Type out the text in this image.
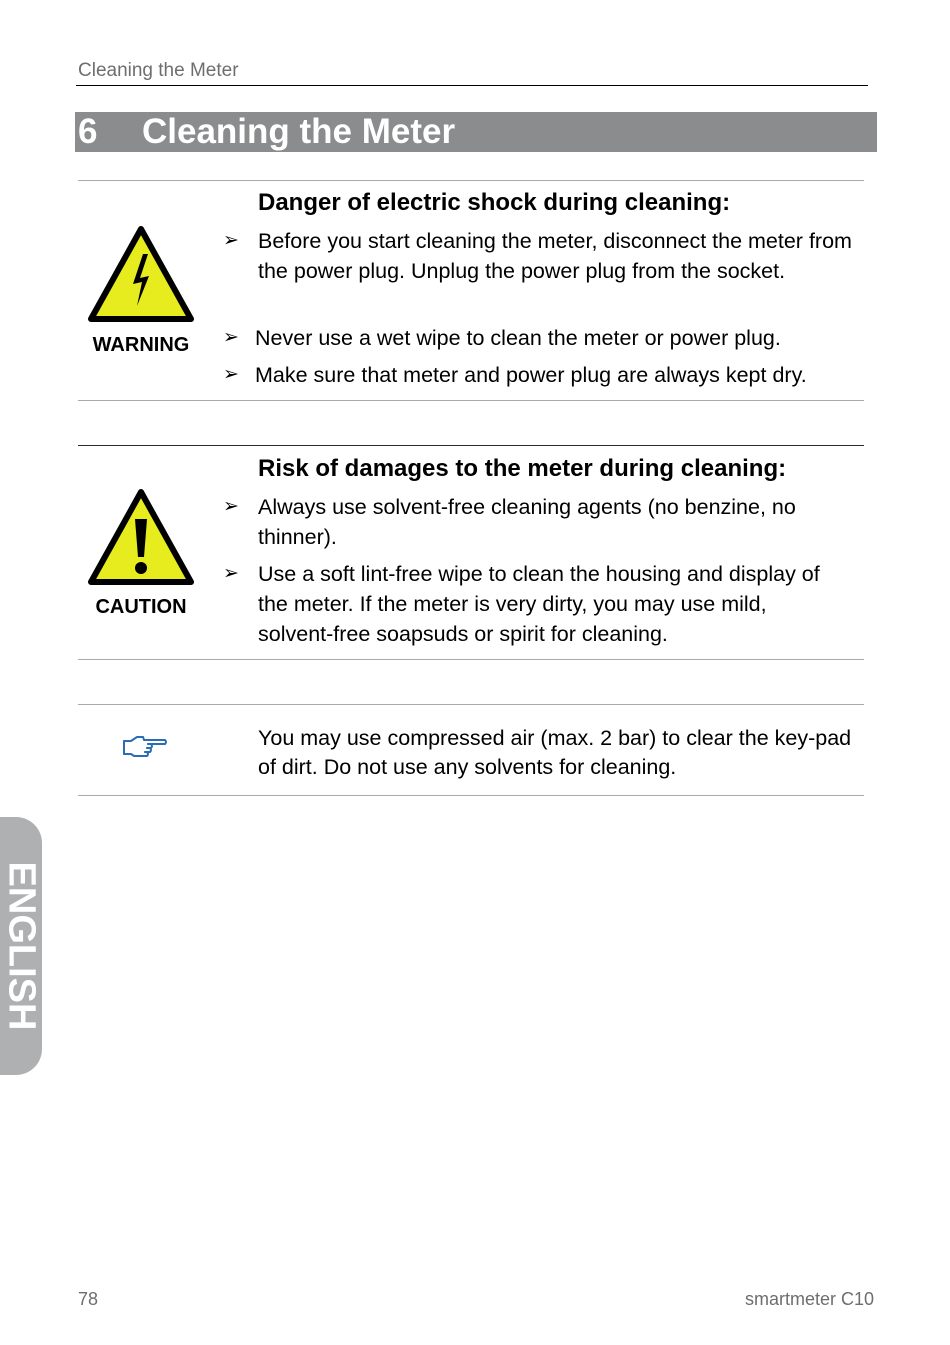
Cleaning the Meter
6 Cleaning the Meter
WARNING
Danger of electric shock during cleaning:
➢ Before you start cleaning the meter, disconnect the meter from the power plug. Unplug the power plug from the socket.
➢ Never use a wet wipe to clean the meter or power plug.
➢ Make sure that meter and power plug are always kept dry.
CAUTION
Risk of damages to the meter during cleaning:
➢ Always use solvent-free cleaning agents (no benzine, no thinner).
➢ Use a soft lint-free wipe to clean the housing and display of the meter. If the meter is very dirty, you may use mild, solvent-free soapsuds or spirit for cleaning.
You may use compressed air (max. 2 bar) to clear the key-pad of dirt. Do not use any solvents for cleaning.
ENGLISH
78	smartmeter C10
